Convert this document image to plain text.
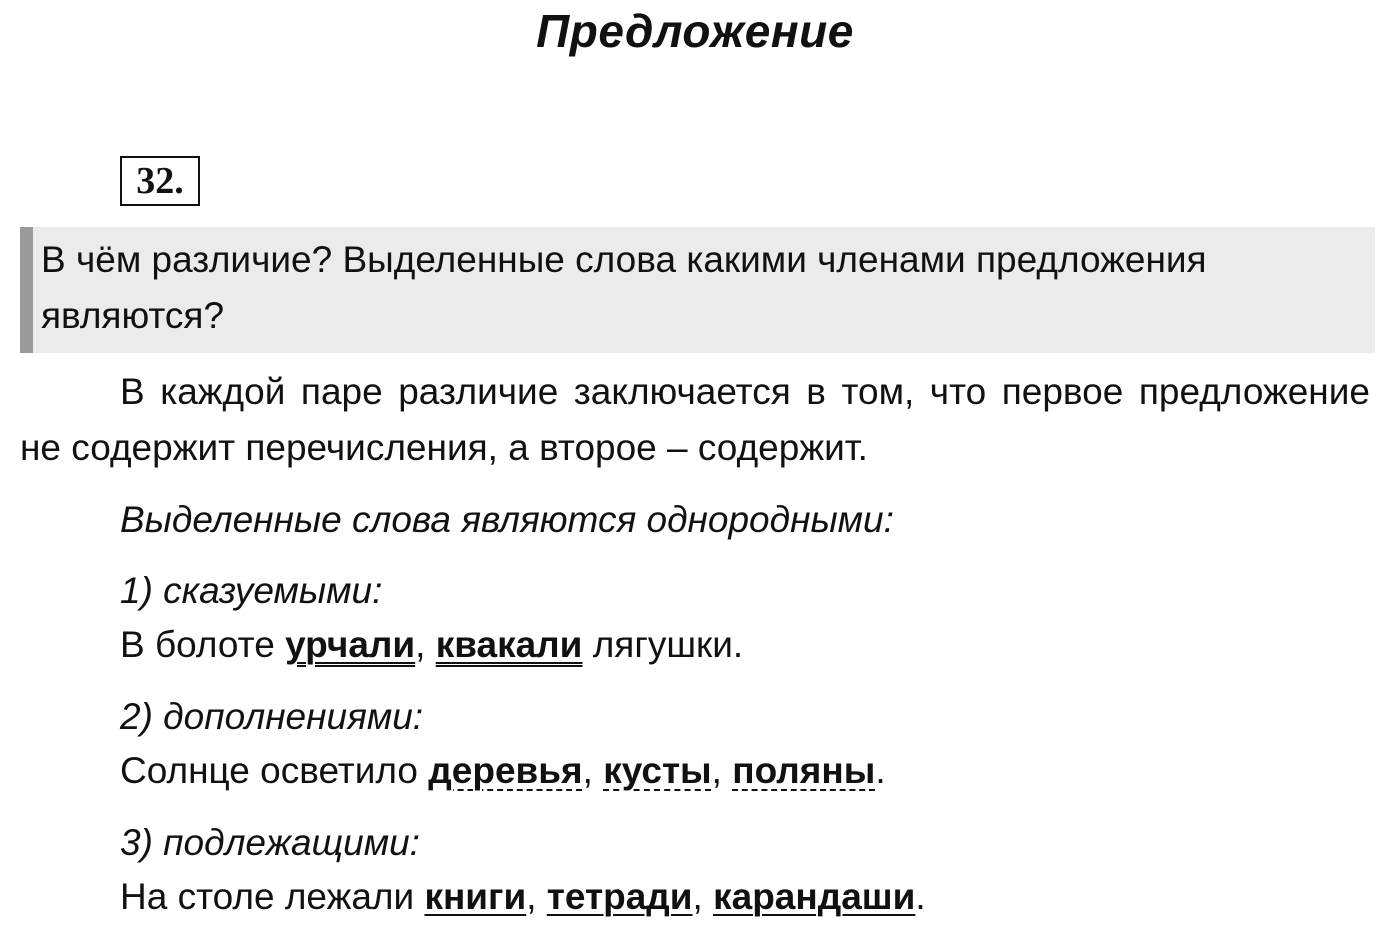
Предложение
32.
В чём различие? Выделенные слова какими членами предложения являются?

В каждой паре различие заключается в том, что первое предложение не содержит перечисления, а второе – содержит.

Выделенные слова являются однородными:
1) сказуемыми:
В болоте урчали, квакали лягушки.
2) дополнениями:
Солнце осветило деревья, кусты, поляны.
3) подлежащими:
На столе лежали книги, тетради, карандаши.
